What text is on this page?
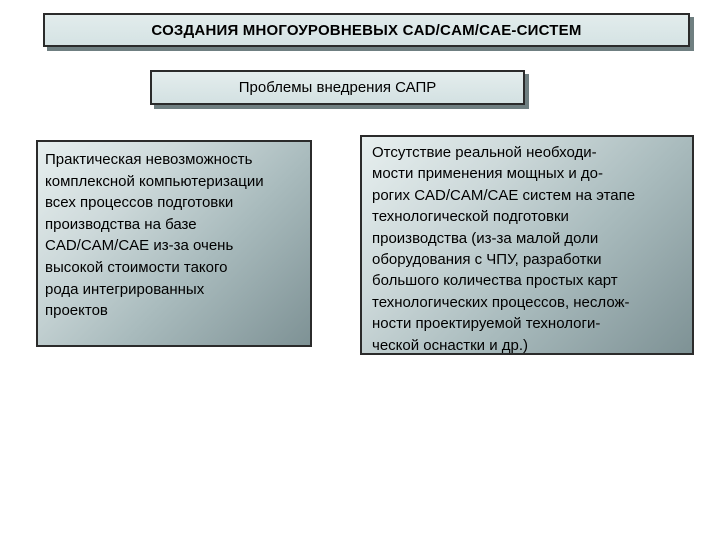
СОЗДАНИЯ МНОГОУРОВНЕВЫХ CAD/CAM/CAE-СИСТЕМ
Проблемы внедрения САПР

Практическая невозможность
комплексной компьютеризации
всех процессов подготовки
производства на базе
CAD/CAM/CAE из-за очень
высокой стоимости такого
рода интегрированных
проектов

Отсутствие реальной необходи-
мости применения мощных и до-
рогих CAD/CAM/CAE систем на этапе
технологической подготовки
производства (из-за малой доли
оборудования с ЧПУ, разработки
большого количества простых карт
технологических процессов, неслож-
ности проектируемой технологи-
ческой оснастки и др.)
